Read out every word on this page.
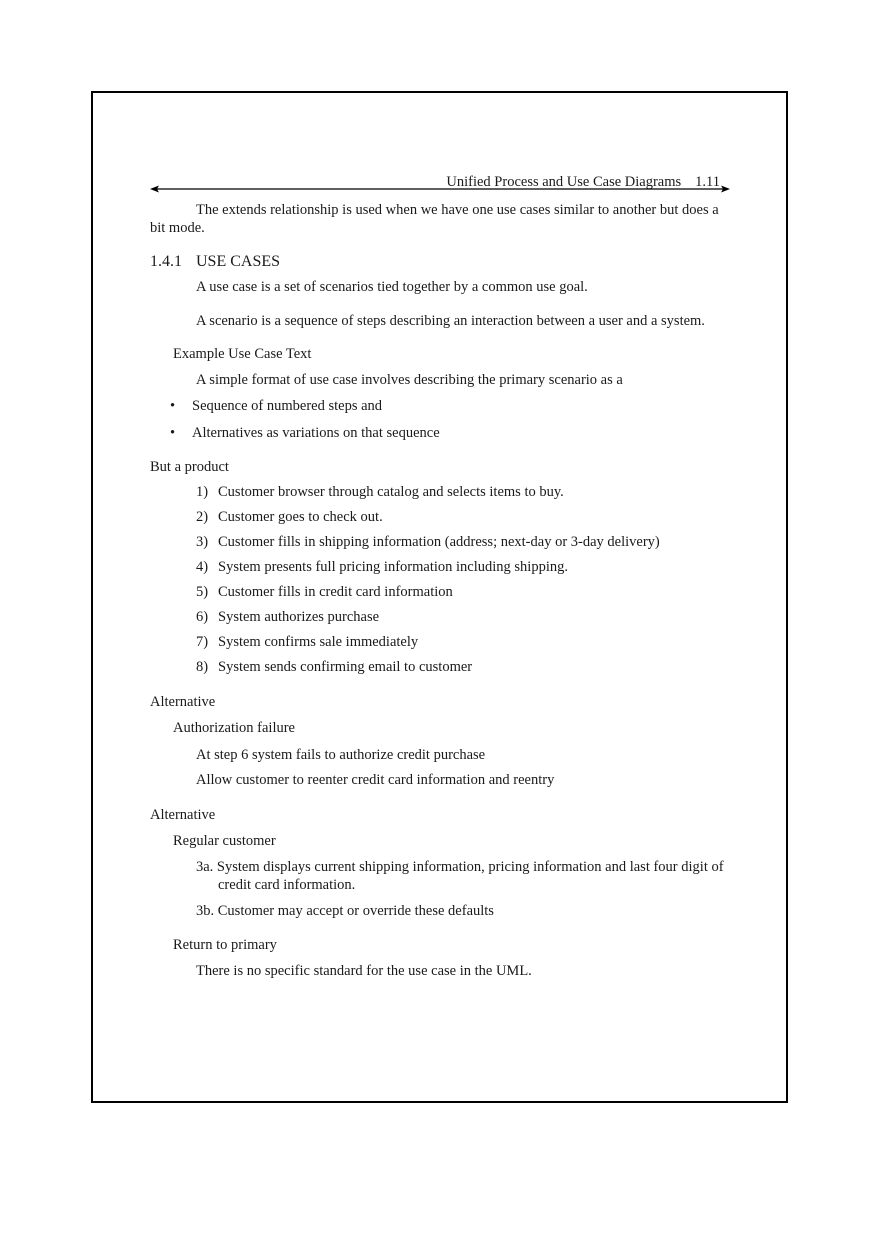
Unified Process and Use Case Diagrams 1.11

The extends relationship is used when we have one use cases similar to another but does a bit mode.

1.4.1 USE CASES

A use case is a set of scenarios tied together by a common use goal.

A scenario is a sequence of steps describing an interaction between a user and a system.

Example Use Case Text

A simple format of use case involves describing the primary scenario as a

•	Sequence of numbered steps and
•	Alternatives as variations on that sequence

But a product

1) Customer browser through catalog and selects items to buy.
2) Customer goes to check out.
3) Customer fills in shipping information (address; next-day or 3-day delivery)
4) System presents full pricing information including shipping.
5) Customer fills in credit card information
6) System authorizes purchase
7) System confirms sale immediately
8) System sends confirming email to customer

Alternative

Authorization failure

At step 6 system fails to authorize credit purchase

Allow customer to reenter credit card information and reentry

Alternative

Regular customer

3a. System displays current shipping information, pricing information and last four digit of credit card information.

3b. Customer may accept or override these defaults

Return to primary

There is no specific standard for the use case in the UML.
